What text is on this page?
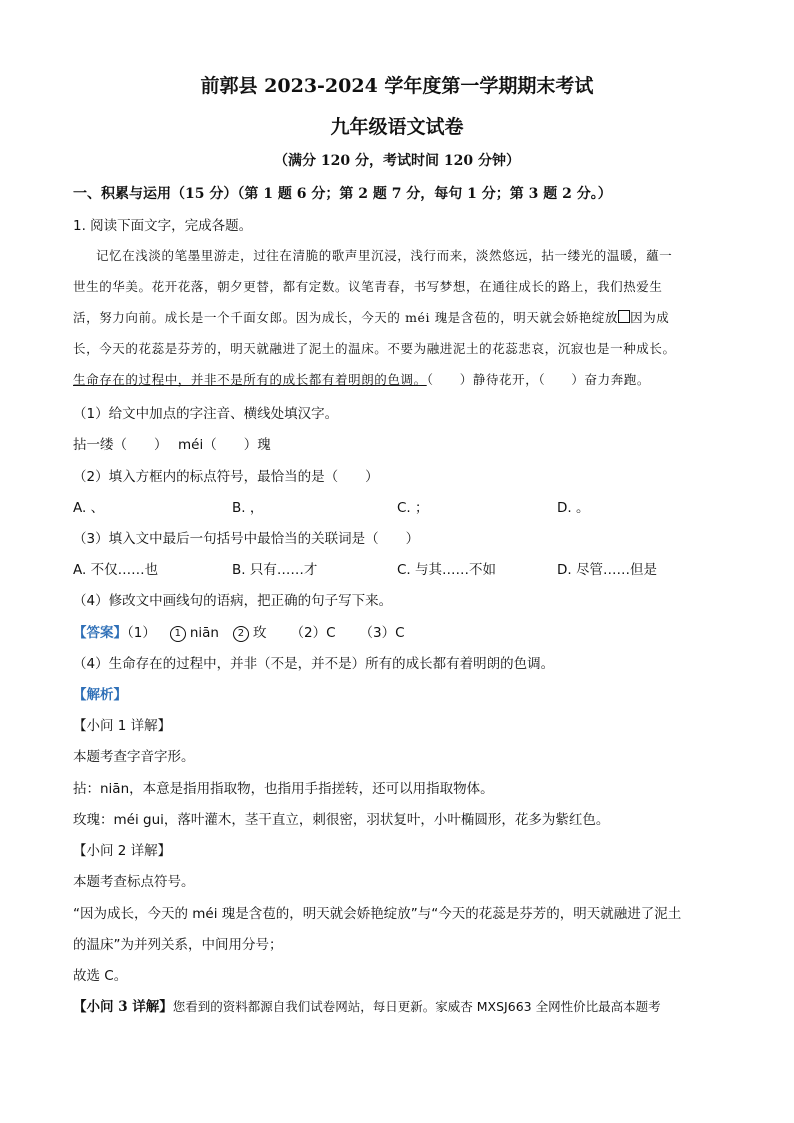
前郭县 2023-2024 学年度第一学期期末考试
九年级语文试卷
（满分 120 分，考试时间 120 分钟）
一、积累与运用（15 分）（第 1 题 6 分；第 2 题 7 分，每句 1 分；第 3 题 2 分。）
1. 阅读下面文字，完成各题。
记忆在浅淡的笔墨里游走，过往在清脆的歌声里沉浸，浅行而来，淡然悠远，拈一缕光的温暖，蘊一
世生的华美。花开花落，朝夕更替，都有定数。议笔青春，书写梦想，在通往成长的路上，我们热爱生
活，努力向前。成长是一个千面女郎。因为成长，今天的 méi 瑰是含苞的，明天就会娇艳绽放 因为成
长，今天的花蕊是芬芳的，明天就融进了泥土的温床。不要为融进泥土的花蕊悲哀，沉寂也是一种成长。
生命存在的过程中，并非不是所有的成长都有着明朗的色调。（　　）静待花开，（　　）奋力奔跑。
（1）给文中加点的字注音、横线处填汉字。
拈一缕（　　） méi（　　）瑰
（2）填入方框内的标点符号，最恰当的是（　　）
A. 、	B. ，	C. ；	D. 。
（3）填入文中最后一句括号中最恰当的关联词是（　　）
A. 不仅……也	B. 只有……才	C. 与其……不如	D. 尽管……但是
（4）修改文中画线句的语病，把正确的句子写下来。
【答案】（1） 1 niān 2 玫 （2）C （3）C
（4）生命存在的过程中，并非（不是，并不是）所有的成长都有着明朗的色调。
【解析】
【小问 1 详解】
本题考查字音字形。
拈：niān，本意是指用指取物，也指用手指搓转，还可以用指取物体。
玫瑰：méi gui，落叶灌木，茎干直立，刺很密，羽状复叶，小叶椭圆形，花多为紫红色。
【小问 2 详解】
本题考查标点符号。
“因为成长，今天的 méi 瑰是含苞的，明天就会娇艳绽放”与“今天的花蕊是芬芳的，明天就融进了泥土
的温床”为并列关系，中间用分号；
故选 C。
【小问 3 详解】您看到的资料都源自我们试卷网站，每日更新。家威杏 MXSJ663 全网性价比最高本题考
